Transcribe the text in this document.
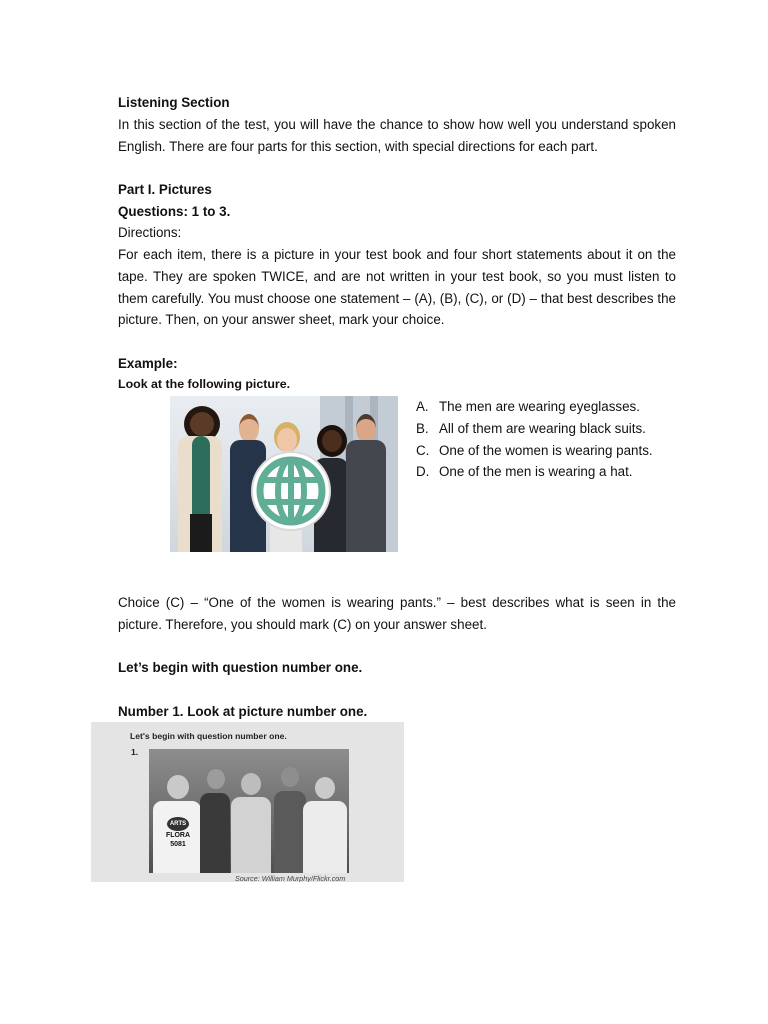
Listening Section
In this section of the test, you will have the chance to show how well you understand spoken English. There are four parts for this section, with special directions for each part.
Part I. Pictures
Questions: 1 to 3.
Directions:
For each item, there is a picture in your test book and four short statements about it on the tape. They are spoken TWICE, and are not written in your test book, so you must listen to them carefully. You must choose one statement – (A), (B), (C), or (D) – that best describes the picture. Then, on your answer sheet, mark your choice.
Example:
Look at the following picture.
A. The men are wearing eyeglasses.
B. All of them are wearing black suits.
C. One of the women is wearing pants.
D. One of the men is wearing a hat.
Choice (C) – “One of the women is wearing pants.” – best describes what is seen in the picture. Therefore, you should mark (C) on your answer sheet.
Let’s begin with question number one.
Number 1. Look at picture number one.
Let's begin with question number one.
1.
ARTS
FLORA
5081
Source: William Murphy/Flickr.com
